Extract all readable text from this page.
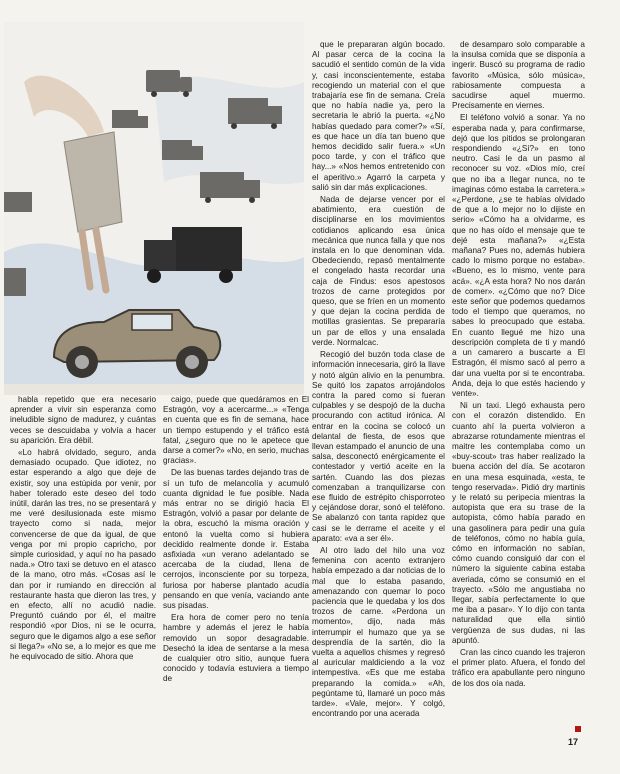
habla repetido que era necesario aprender a vivir sin esperanza como ineludible signo de madurez, y cuántas veces se descuidaba y volvía a hacer su aparición. Era débil.

«Lo habrá olvidado, seguro, anda demasiado ocupado. Que idiotez, no estar esperando a algo que deje de existir, soy una estúpida por venir, por haber tolerado este deseo del todo inútil, darán las tres, no se presentará y me veré desilusionada este mismo trayecto como si nada, mejor convencerse de que da igual, de que venga por mi propio capricho, por simple curiosidad, y aquí no ha pasado nada.» Otro taxi se detuvo en el atasco de la mano, otro más. «Cosas así le dan por ir rumiando en dirección al restaurante hasta que dieron las tres, y en efecto, allí no acudió nadie. Preguntó cuándo por él, el maitre respondió «por Dios, ni se le ocurra, seguro que le digamos algo a ese señor si llega?» «No se, a lo mejor es que me he equivocado de sitio. Ahora que

caigo, puede que quedáramos en El Estragón, voy a acercarme...» «Tenga en cuenta que es fin de semana, hace un tiempo estupendo y el tráfico está fatal, ¿seguro que no le apetece que darse a comer?» «No, en serio, muchas gracias».

De las buenas tardes dejando tras de sí un tufo de melancolía y acumuló cuanta dignidad le fue posible. Nada más entrar no se dirigió hacia El Estragón, volvió a pasar por delante de la obra, escuchó la misma oración y entonó la vuelta como si hubiera decidido realmente donde ir. Estaba asfixiada «un verano adelantado se acercaba de la ciudad, llena de cerrojos, inconsciente por su torpeza, furiosa por haberse plantado acudía pensando en que venía, vaciando ante sus pisadas.

Era hora de comer pero no tenía hambre y además el jerez le había removido un sopor desagradable. Desechó la idea de sentarse a la mesa de cualquier otro sitio, aunque fuera conocido y todavía estuviera a tiempo de

que le prepararan algún bocado. Al pasar cerca de la cocina la sacudió el sentido común de la vida y, casi inconscientemente, estaba recogiendo un material con el que trabajaría ese fin de semana. Creía que no había nadie ya, pero la secretaria le abrió la puerta. «¿No habías quedado para comer?» «Sí, es que hace un día tan bueno que hemos decidido salir fuera.» «Un poco tarde, y con el tráfico que hay...» «Nos hemos entretenido con el aperitivo.» Agarró la carpeta y salió sin dar más explicaciones.

Nada de dejarse vencer por el abatimiento, era cuestión de disciplinarse en los movimientos cotidianos aplicando esa única mecánica que nunca falla y que nos instala en lo que denominan vida. Obedeciendo, repasó mentalmente el congelado hasta recordar una caja de Findus: esos apestosos trozos de carne protegidos por queso, que se fríen en un momento y que dejan la cocina perdida de motillas grasientas. Se prepararía un par de ellos y una ensalada verde. Normalcac.

Recogió del buzón toda clase de información innecesaria, giró la llave y notó algún alivio en la penumbra. Se quitó los zapatos arrojándolos contra la pared como si fueran culpables y se despojó de la ducha procurando con actitud irónica. Al entrar en la cocina se colocó un delantal de fiesta, de esos que llevan estampado el anuncio de una salsa, desconectó enérgicamente el contestador y vertió aceite en la sartén. Cuando las dos piezas comenzaban a tranquilizarse con ese fluido de estrépito chisporroteo y cejándose dorar, sonó el teléfono. Se abalanzó con tanta rapidez que casi se le derrame el aceite y el aparato: «va a ser él».

Al otro lado del hilo una voz femenina con acento extranjero había empezado a dar noticias de lo mal que lo estaba pasando, amenazando con quemar lo poco paciencia que le quedaba y los dos trozos de carne. «Perdona un momento», dijo, nada más interrumpir el humazo que ya se desprendía de la sartén, dio la vuelta a aquellos chismes y regresó al auricular maldiciendo a la voz intempestiva. «Es que me estaba preparando la comida.» «Ah, pegúntame tú, llamaré un poco más tarde». «Vale, mejor». Y colgó, encontrando por una acerada

de desamparo solo comparable a la insulsa comida que se disponía a ingerir. Buscó su programa de radio favorito «Música, sólo música», rabiosamente compuesta a sacudirse aquel muermo. Precisamente en viernes.

El teléfono volvió a sonar. Ya no esperaba nada y, para confirmarse, dejó que los pitidos se prolongaran respondiendo «¿Sí?» en tono neutro. Casi le da un pasmo al reconocer su voz. «Dios mío, creí que no iba a llegar nunca, no te imaginas cómo estaba la carretera.» «¿Perdone, ¿se te habías olvidado de que a lo mejor no lo dijiste en serio» «Cómo ha a olvidarme, es que no has oído el mensaje que te dejé esta mañana?» «¿Esta mañana? Pues no, además hubiera cado lo mismo porque no estaba». «Bueno, es lo mismo, vente para acá». «¿A esta hora? No nos darán de comer». «¿Cómo que no? Dice este señor que podemos quedarnos todo el tiempo que queramos, no sabes lo preocupado que estaba. En cuanto llegué me hizo una descripción completa de ti y mandó a un camarero a buscarte a El Estragón, él mismo sacó al perro a dar una vuelta por si te encontraba. Anda, deja lo que estés haciendo y vente».

Ni un taxi. Llegó exhausta pero con el corazón distendido. En cuanto ahí la puerta volvieron a abrazarse rotundamente mientras el maitre les contemplaba como un «buy-scout» tras haber realizado la buena acción del día. Se acotaron en una mesa esquinada, «esta, te tengo reservada». Pidió dry martinis y le relató su peripecia mientras la autopista que era su trase de la autopista, cómo había parado en una gasolinera para pedir una guía de teléfonos, cómo no había guía, cómo en información no sabían, cómo cuando consiguió dar con el número la siguiente cabina estaba averiada, cómo se consumió en el trayecto. «Sólo me angustiaba no llegar, sabía perfectamente lo que me iba a pasar». Y lo dijo con tanta naturalidad que ella sintió vergüenza de sus dudas, ni las apuntó.

Cran las cinco cuando les trajeron el primer plato. Afuera, el fondo del tráfico era apabullante pero ninguno de los dos oía nada.

17
